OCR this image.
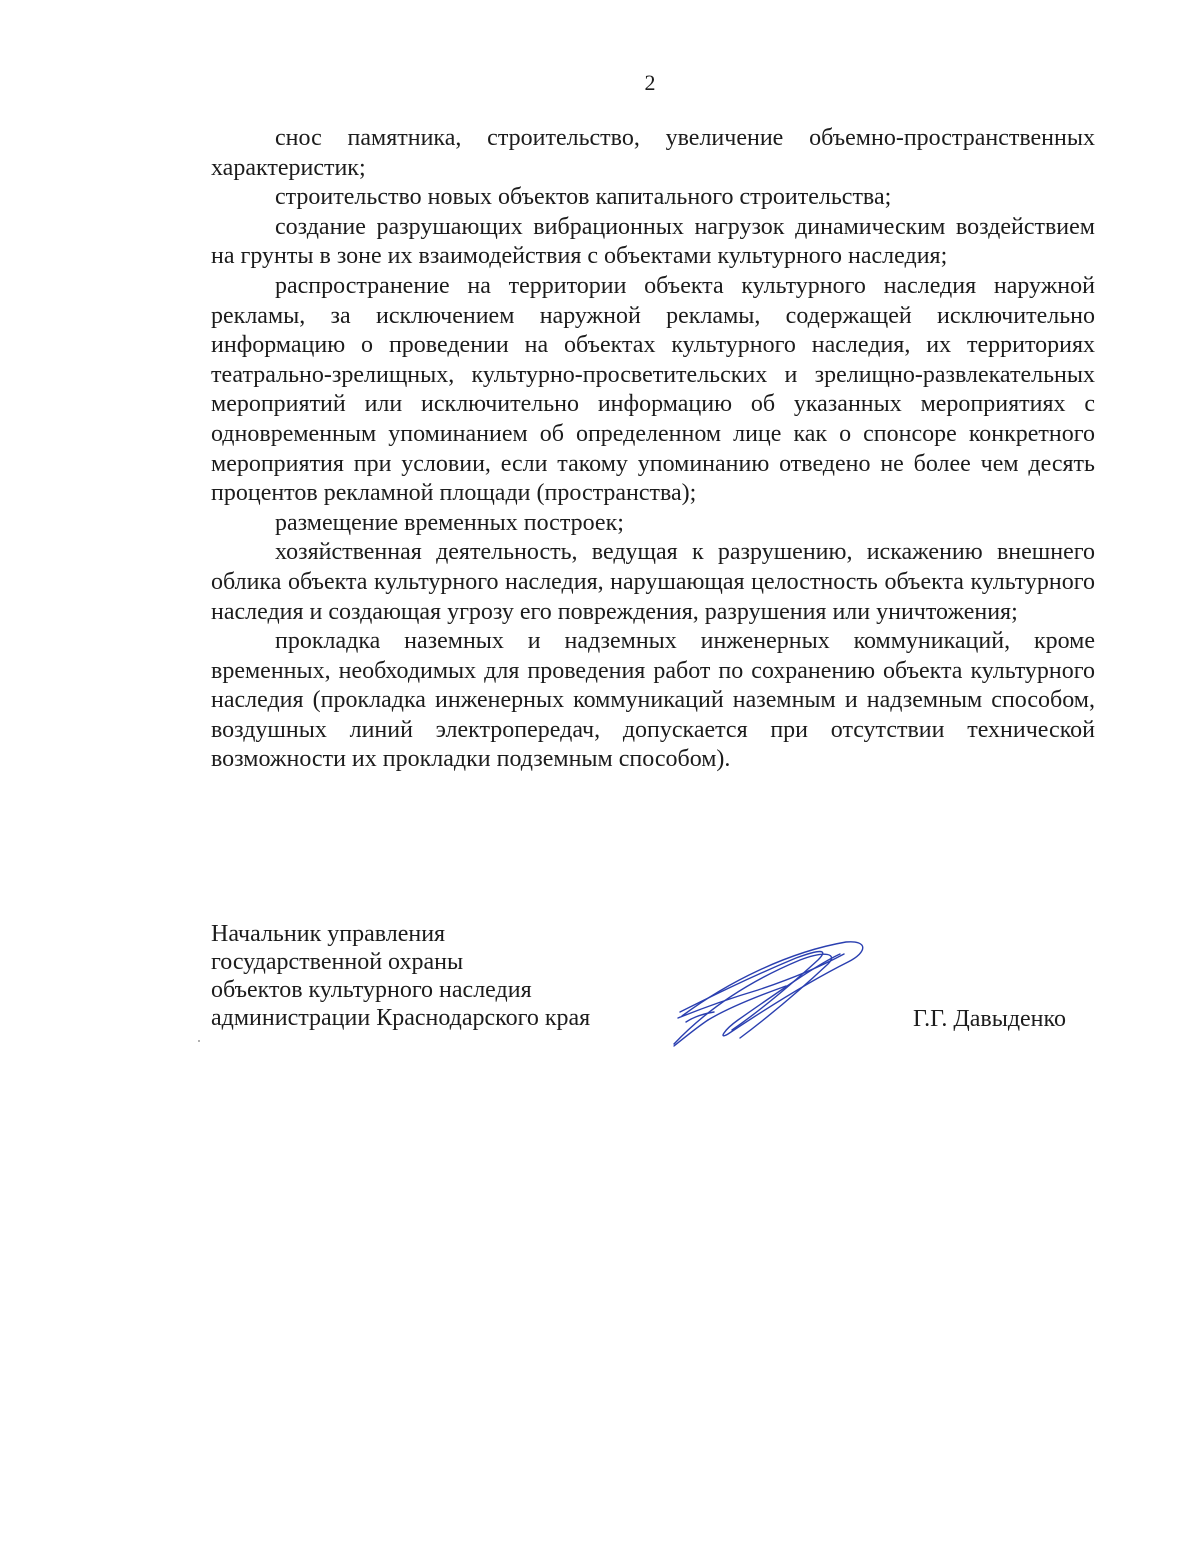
2

снос памятника, строительство, увеличение объемно-пространственных характеристик;

строительство новых объектов капитального строительства;

создание разрушающих вибрационных нагрузок динамическим воздействием на грунты в зоне их взаимодействия с объектами культурного наследия;

распространение на территории объекта культурного наследия наружной рекламы, за исключением наружной рекламы, содержащей исключительно информацию о проведении на объектах культурного наследия, их территориях театрально-зрелищных, культурно-просветительских и зрелищно-развлекательных мероприятий или исключительно информацию об указанных мероприятиях с одновременным упоминанием об определенном лице как о спонсоре конкретного мероприятия при условии, если такому упоминанию отведено не более чем десять процентов рекламной площади (пространства);

размещение временных построек;

хозяйственная деятельность, ведущая к разрушению, искажению внешнего облика объекта культурного наследия, нарушающая целостность объекта культурного наследия и создающая угрозу его повреждения, разрушения или уничтожения;

прокладка наземных и надземных инженерных коммуникаций, кроме временных, необходимых для проведения работ по сохранению объекта культурного наследия (прокладка инженерных коммуникаций наземным и надземным способом, воздушных линий электропередач, допускается при отсутствии технической возможности их прокладки подземным способом).

Начальник управления
государственной охраны
объектов культурного наследия
администрации Краснодарского края	Г.Г. Давыденко
